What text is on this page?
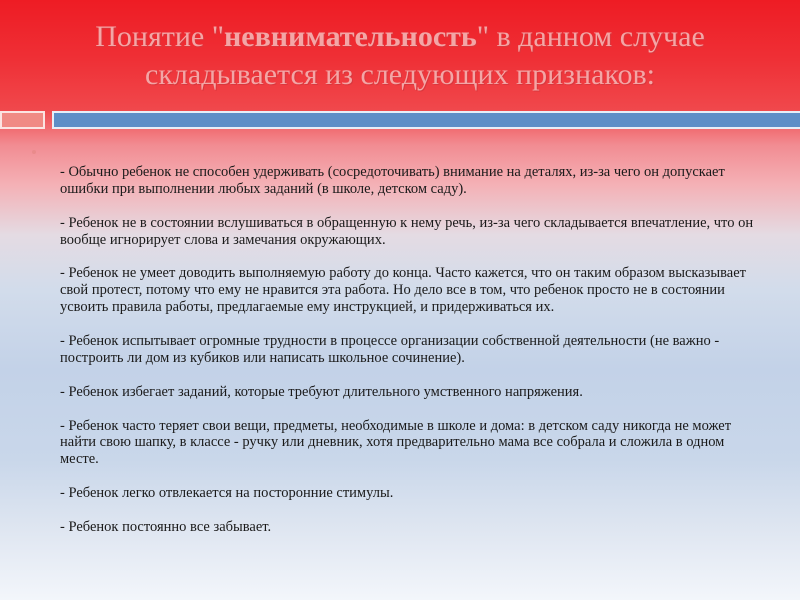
Понятие "невнимательность" в данном случае складывается из следующих признаков:

- Обычно ребенок не способен удерживать (сосредоточивать) внимание на деталях, из-за чего он допускает ошибки при выполнении любых заданий (в школе, детском саду).

- Ребенок не в состоянии вслушиваться в обращенную к нему речь, из-за чего складывается впечатление, что он вообще игнорирует слова и замечания окружающих.

- Ребенок не умеет доводить выполняемую работу до конца. Часто кажется, что он таким образом высказывает свой протест, потому что ему не нравится эта работа. Но дело все в том, что ребенок просто не в состоянии усвоить правила работы, предлагаемые ему инструкцией, и придерживаться их.

- Ребенок испытывает огромные трудности в процессе организации собственной деятельности (не важно - построить ли дом из кубиков или написать школьное сочинение).

- Ребенок избегает заданий, которые требуют длительного умственного напряжения.

- Ребенок часто теряет свои вещи, предметы, необходимые в школе и дома: в детском саду никогда не может найти свою шапку, в классе - ручку или дневник, хотя предварительно мама все собрала и сложила в одном месте.

- Ребенок легко отвлекается на посторонние стимулы.

- Ребенок постоянно все забывает.
